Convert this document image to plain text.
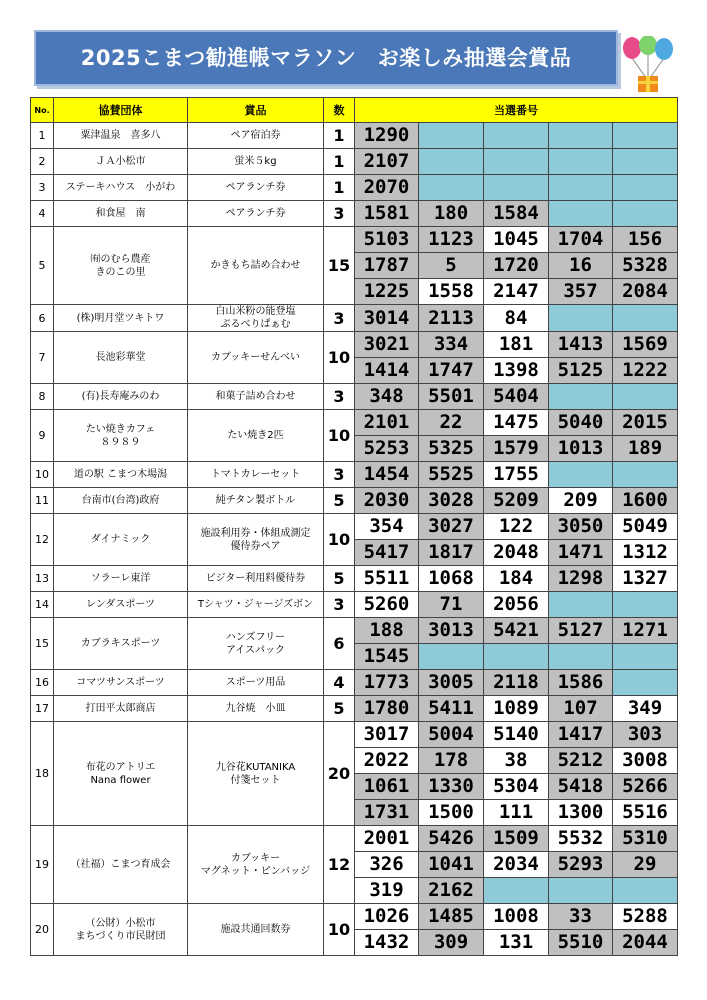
2025こまつ勧進帳マラソン　お楽しみ抽選会賞品
No.	協賛団体	賞品	数	当選番号				
1	粟津温泉　喜多八	ペア宿泊券	1	1290				
2	ＪＡ小松市	蛍米５kg	1	2107				
3	ステーキハウス　小がわ	ペアランチ券	1	2070				
4	和食屋　南	ペアランチ券	3	1581	180	1584		
5	㈲のむら農産
きのこの里	かきもち詰め合わせ	15	5103	1123	1045	1704	156
				1787	5	1720	16	5328
				1225	1558	2147	357	2084
6	(株)明月堂ツキトワ	白山米粉の能登塩
ぶるべりぱぁむ	3	3014	2113	84		
7	長池彩華堂	カブッキーせんべい	10	3021	334	181	1413	1569
				1414	1747	1398	5125	1222
8	(有)長寿庵みのわ	和菓子詰め合わせ	3	348	5501	5404		
9	たい焼きカフェ
８９８９	たい焼き2匹	10	2101	22	1475	5040	2015
				5253	5325	1579	1013	189
10	道の駅 こまつ木場潟	トマトカレーセット	3	1454	5525	1755		
11	台南市(台湾)政府	純チタン製ボトル	5	2030	3028	5209	209	1600
12	ダイナミック	施設利用券・体組成測定
優待券ペア	10	354	3027	122	3050	5049
				5417	1817	2048	1471	1312
13	ソラーレ東洋	ビジター利用料優待券	5	5511	1068	184	1298	1327
14	レンダスポーツ	Tシャツ・ジャージズボン	3	5260	71	2056		
15	カブラキスポーツ	ハンズフリー
アイスパック	6	188	3013	5421	5127	1271
				1545				
16	コマツサンスポーツ	スポーツ用品	4	1773	3005	2118	1586	
17	打田平太郎商店	九谷焼　小皿	5	1780	5411	1089	107	349
18	布花のアトリエ
Nana flower	九谷花KUTANIKA
付箋セット	20	3017	5004	5140	1417	303
				2022	178	38	5212	3008
				1061	1330	5304	5418	5266
				1731	1500	111	1300	5516
19	（社福）こまつ育成会	カブッキー
マグネット・ピンバッジ	12	2001	5426	1509	5532	5310
				326	1041	2034	5293	29
				319	2162			
20	（公財）小松市
まちづくり市民財団	施設共通回数券	10	1026	1485	1008	33	5288
				1432	309	131	5510	2044
